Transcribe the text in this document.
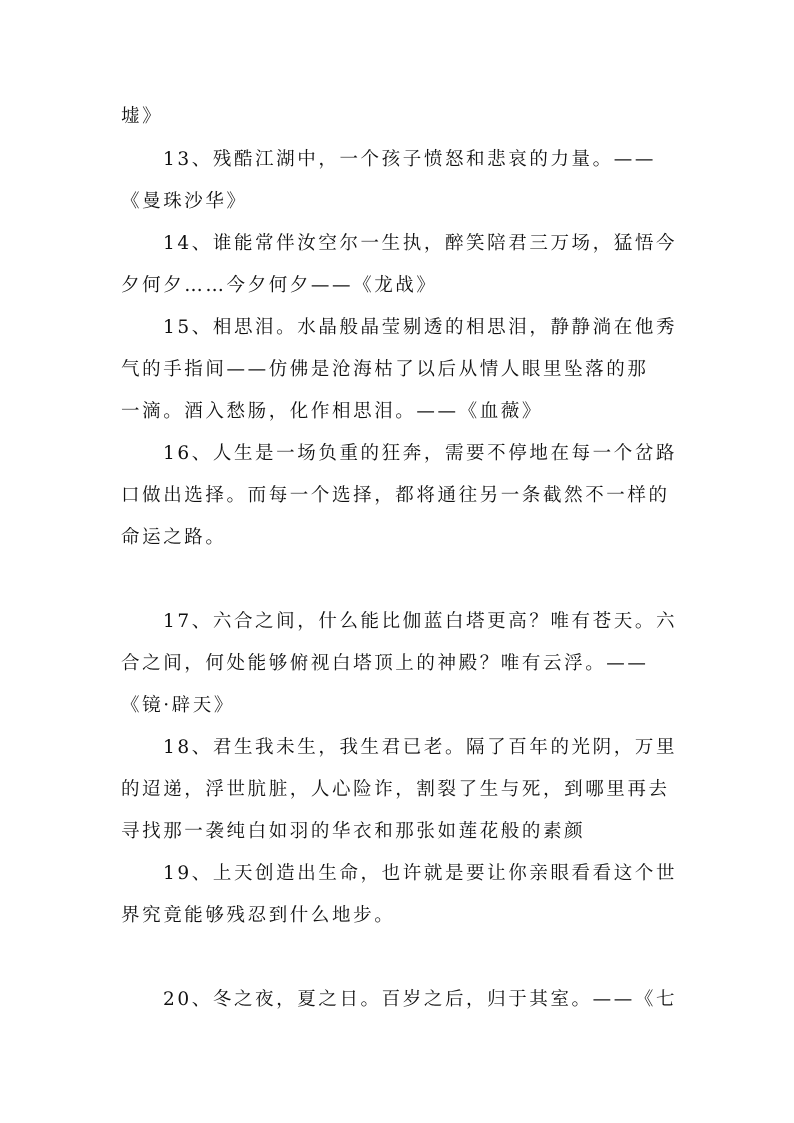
墟》
13、残酷江湖中，一个孩子愤怒和悲哀的力量。——
《曼珠沙华》
14、谁能常伴汝空尔一生执，醉笑陪君三万场，猛悟今
夕何夕……今夕何夕——《龙战》
15、相思泪。水晶般晶莹剔透的相思泪，静静淌在他秀
气的手指间——仿佛是沧海枯了以后从情人眼里坠落的那
一滴。酒入愁肠，化作相思泪。——《血薇》
16、人生是一场负重的狂奔，需要不停地在每一个岔路
口做出选择。而每一个选择，都将通往另一条截然不一样的
命运之路。
17、六合之间，什么能比伽蓝白塔更高？唯有苍天。六
合之间，何处能够俯视白塔顶上的神殿？唯有云浮。——
《镜·辟天》
18、君生我未生，我生君已老。隔了百年的光阴，万里
的迢递，浮世肮脏，人心险诈，割裂了生与死，到哪里再去
寻找那一袭纯白如羽的华衣和那张如莲花般的素颜
19、上天创造出生命，也许就是要让你亲眼看看这个世
界究竟能够残忍到什么地步。
20、冬之夜，夏之日。百岁之后，归于其室。——《七
